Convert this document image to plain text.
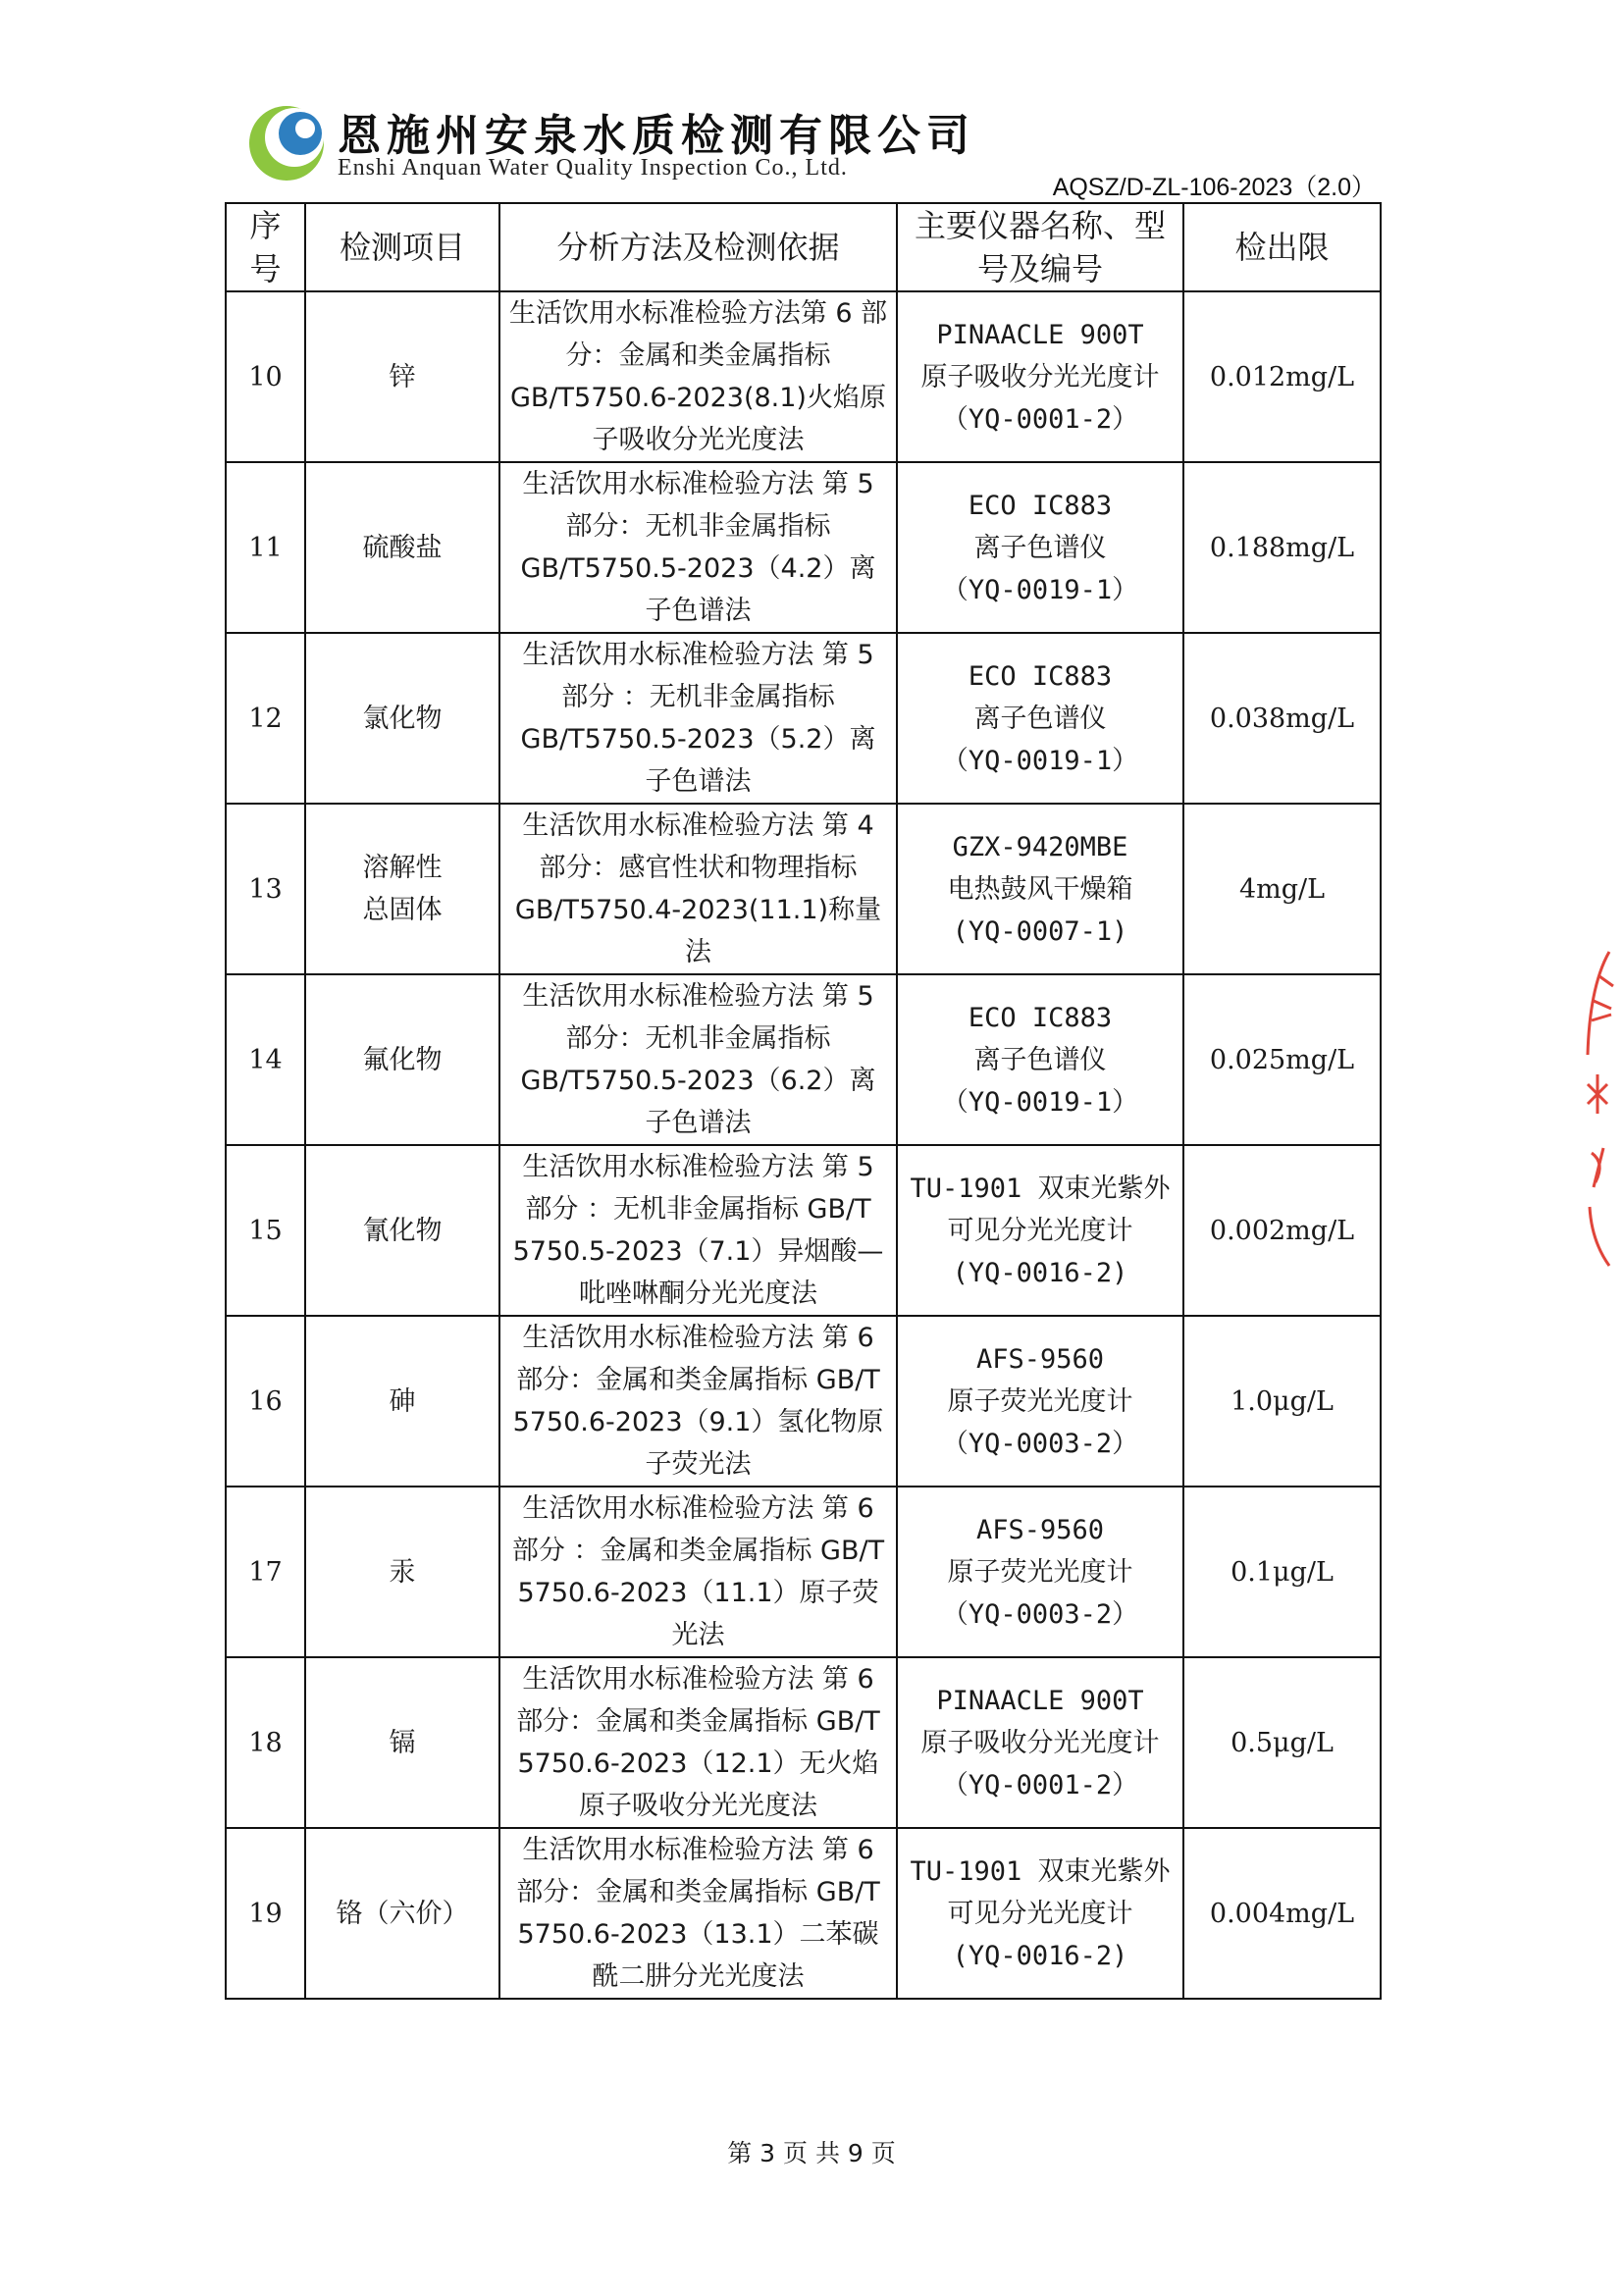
恩施州安泉水质检测有限公司
Enshi Anquan Water Quality Inspection Co., Ltd.
AQSZ/D-ZL-106-2023（2.0）
序号	检测项目	分析方法及检测依据	主要仪器名称、型号及编号	检出限
10	锌	生活饮用水标准检验方法第 6 部分：金属和类金属指标 GB/T5750.6-2023(8.1)火焰原子吸收分光光度法	PINAACLE 900T
原子吸收分光光度计
（YQ-0001-2）	0.012mg/L
11	硫酸盐	生活饮用水标准检验方法 第 5 部分：无机非金属指标 GB/T5750.5-2023（4.2）离子色谱法	ECO IC883
离子色谱仪
（YQ-0019-1）	0.188mg/L
12	氯化物	生活饮用水标准检验方法 第 5 部分 ：无机非金属指标 GB/T5750.5-2023（5.2）离子色谱法	ECO IC883
离子色谱仪
（YQ-0019-1）	0.038mg/L
13	溶解性
总固体	生活饮用水标准检验方法 第 4 部分：感官性状和物理指标 GB/T5750.4-2023(11.1)称量法	GZX-9420MBE
电热鼓风干燥箱
(YQ-0007-1)	4mg/L
14	氟化物	生活饮用水标准检验方法 第 5 部分：无机非金属指标 GB/T5750.5-2023（6.2）离子色谱法	ECO IC883
离子色谱仪
（YQ-0019-1）	0.025mg/L
15	氰化物	生活饮用水标准检验方法 第 5 部分 ：无机非金属指标 GB/T 5750.5-2023（7.1）异烟酸—吡唑啉酮分光光度法	TU-1901 双束光紫外
可见分光光度计
(YQ-0016-2)	0.002mg/L
16	砷	生活饮用水标准检验方法 第 6 部分：金属和类金属指标 GB/T 5750.6-2023（9.1）氢化物原子荧光法	AFS-9560
原子荧光光度计
（YQ-0003-2）	1.0μg/L
17	汞	生活饮用水标准检验方法 第 6 部分 ：金属和类金属指标 GB/T 5750.6-2023（11.1）原子荧光法	AFS-9560
原子荧光光度计
（YQ-0003-2）	0.1μg/L
18	镉	生活饮用水标准检验方法 第 6 部分：金属和类金属指标 GB/T 5750.6-2023（12.1）无火焰原子吸收分光光度法	PINAACLE 900T
原子吸收分光光度计
（YQ-0001-2）	0.5μg/L
19	铬（六价）	生活饮用水标准检验方法 第 6 部分：金属和类金属指标 GB/T 5750.6-2023（13.1）二苯碳酰二肼分光光度法	TU-1901 双束光紫外
可见分光光度计
(YQ-0016-2)	0.004mg/L
第 3 页 共 9 页
